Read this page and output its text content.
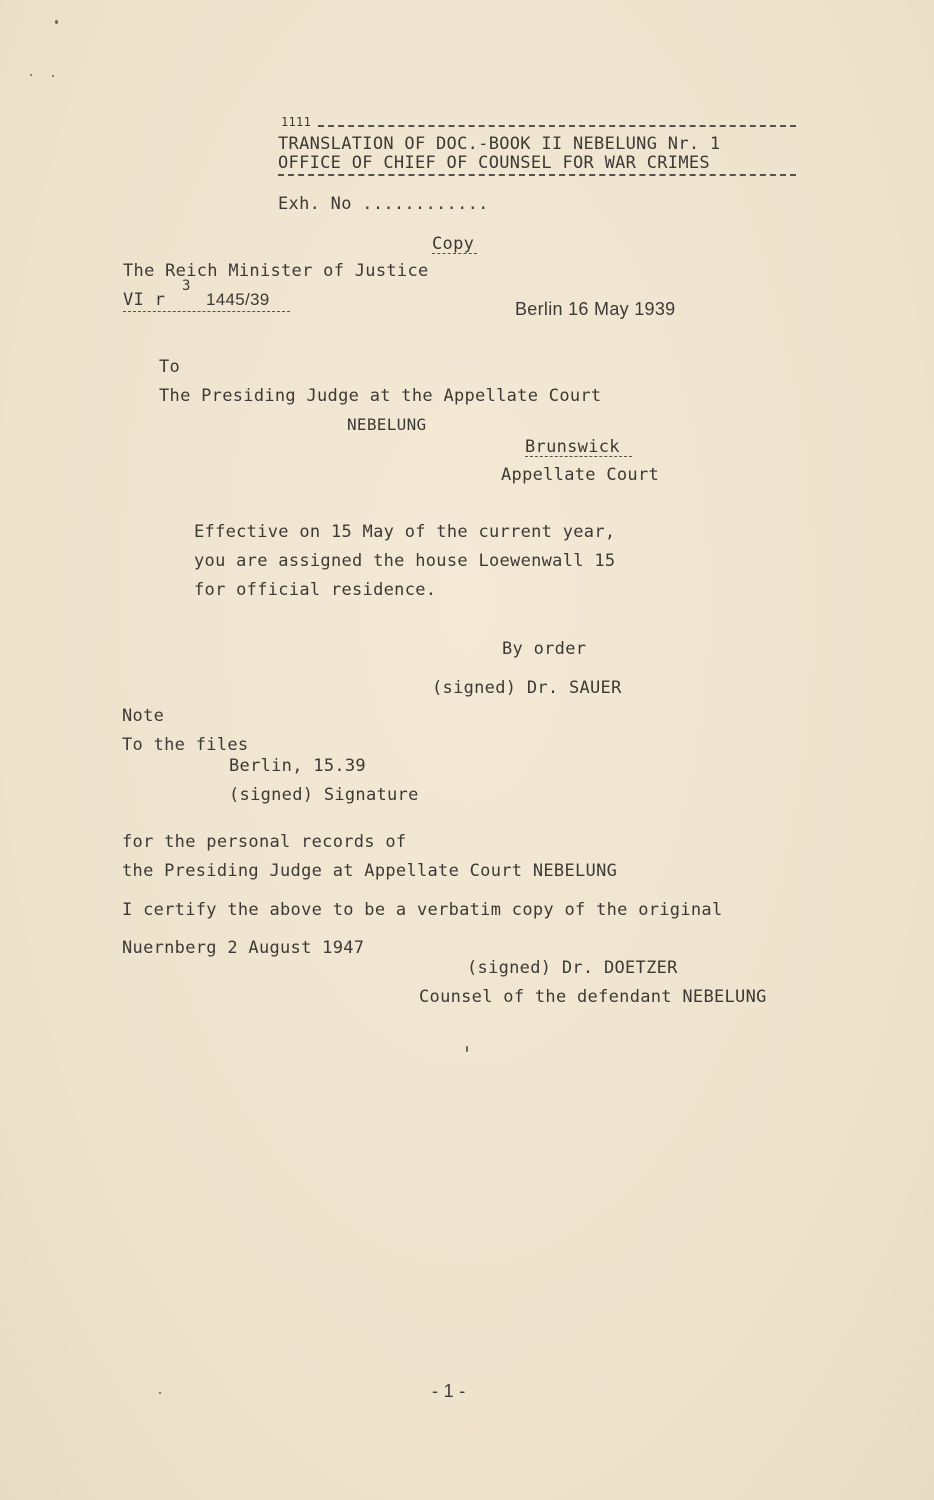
1111
TRANSLATION OF DOC.-BOOK II NEBELUNG Nr. 1
OFFICE OF CHIEF OF COUNSEL FOR WAR CRIMES
Exh. No ............
Copy
The Reich Minister of Justice
VI r
3
1445/39	Berlin 16 May 1939
To
The Presiding Judge at the Appellate Court
NEBELUNG
Brunswick
Appellate Court
Effective on 15 May of the current year,
you are assigned the house Loewenwall 15
for official residence.
By order
(signed) Dr. SAUER
Note
To the files
Berlin, 15.39
(signed) Signature
for the personal records of
the Presiding Judge at Appellate Court NEBELUNG
I certify the above to be a verbatim copy of the original
Nuernberg 2 August 1947
(signed) Dr. DOETZER
Counsel of the defendant NEBELUNG
- 1 -
